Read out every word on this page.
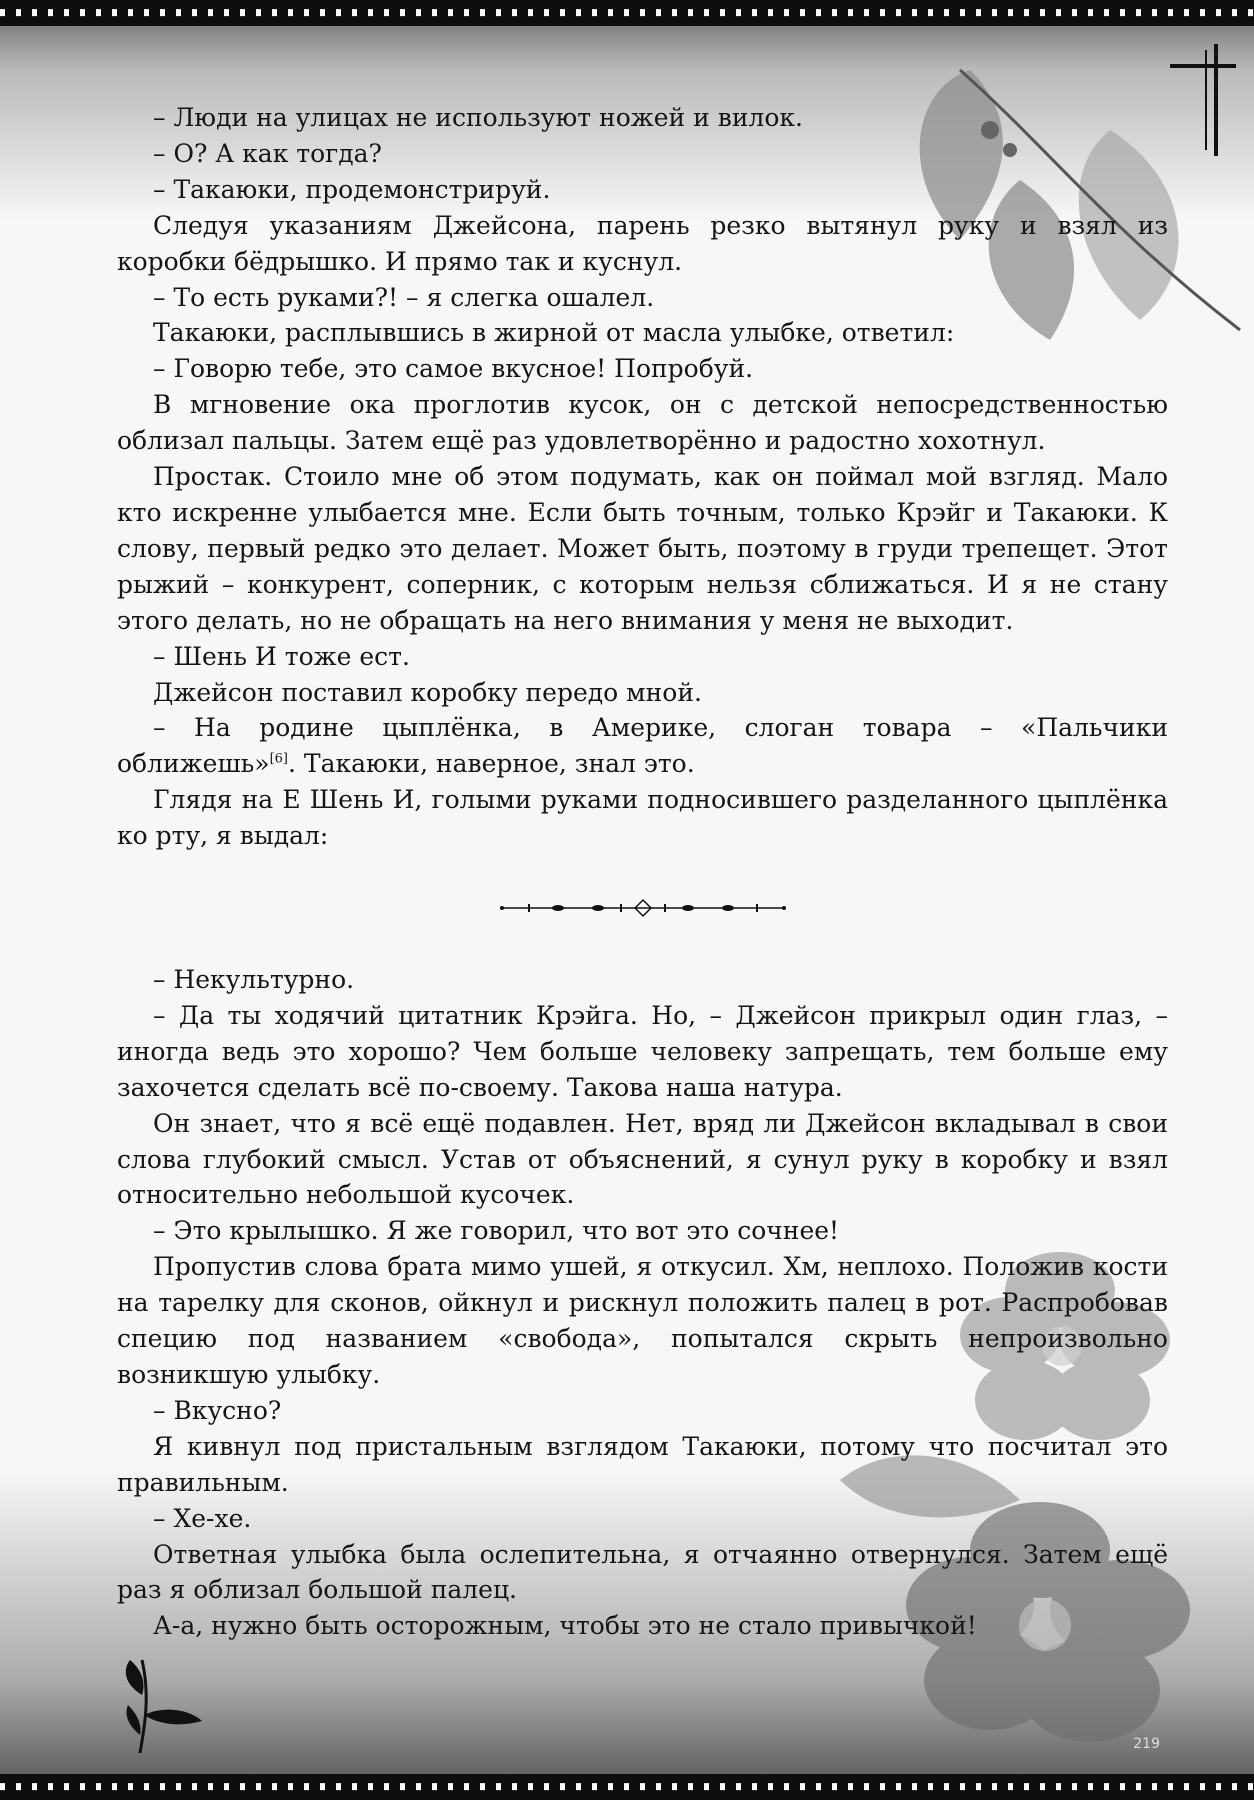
– Люди на улицах не используют ножей и вилок.

– О? А как тогда?

– Такаюки, продемонстрируй.

Следуя указаниям Джейсона, парень резко вытянул руку и взял из коробки бёдрышко. И прямо так и куснул.

– То есть руками?! – я слегка ошалел.

Такаюки, расплывшись в жирной от масла улыбке, ответил:

– Говорю тебе, это самое вкусное! Попробуй.

В мгновение ока проглотив кусок, он с детской непосредственностью облизал пальцы. Затем ещё раз удовлетворённо и радостно хохотнул.

Простак. Стоило мне об этом подумать, как он поймал мой взгляд. Мало кто искренне улыбается мне. Если быть точным, только Крэйг и Такаюки. К слову, первый редко это делает. Может быть, поэтому в груди трепещет. Этот рыжий – конкурент, соперник, с которым нельзя сближаться. И я не стану этого делать, но не обращать на него внимания у меня не выходит.

– Шень И тоже ест.

Джейсон поставил коробку передо мной.

– На родине цыплёнка, в Америке, слоган товара – «Пальчики оближешь»[6]. Такаюки, наверное, знал это.

Глядя на Е Шень И, голыми руками подносившего разделанного цыплёнка ко рту, я выдал:

– Некультурно.

– Да ты ходячий цитатник Крэйга. Но, – Джейсон прикрыл один глаз, – иногда ведь это хорошо? Чем больше человеку запрещать, тем больше ему захочется сделать всё по-своему. Такова наша натура.

Он знает, что я всё ещё подавлен. Нет, вряд ли Джейсон вкладывал в свои слова глубокий смысл. Устав от объяснений, я сунул руку в коробку и взял относительно небольшой кусочек.

– Это крылышко. Я же говорил, что вот это сочнее!

Пропустив слова брата мимо ушей, я откусил. Хм, неплохо. Положив кости на тарелку для сконов, ойкнул и рискнул положить палец в рот. Распробовав специю под названием «свобода», попытался скрыть непроизвольно возникшую улыбку.

– Вкусно?

Я кивнул под пристальным взглядом Такаюки, потому что посчитал это правильным.

– Хе-хе.

Ответная улыбка была ослепительна, я отчаянно отвернулся. Затем ещё раз я облизал большой палец.

А-а, нужно быть осторожным, чтобы это не стало привычкой!

219
